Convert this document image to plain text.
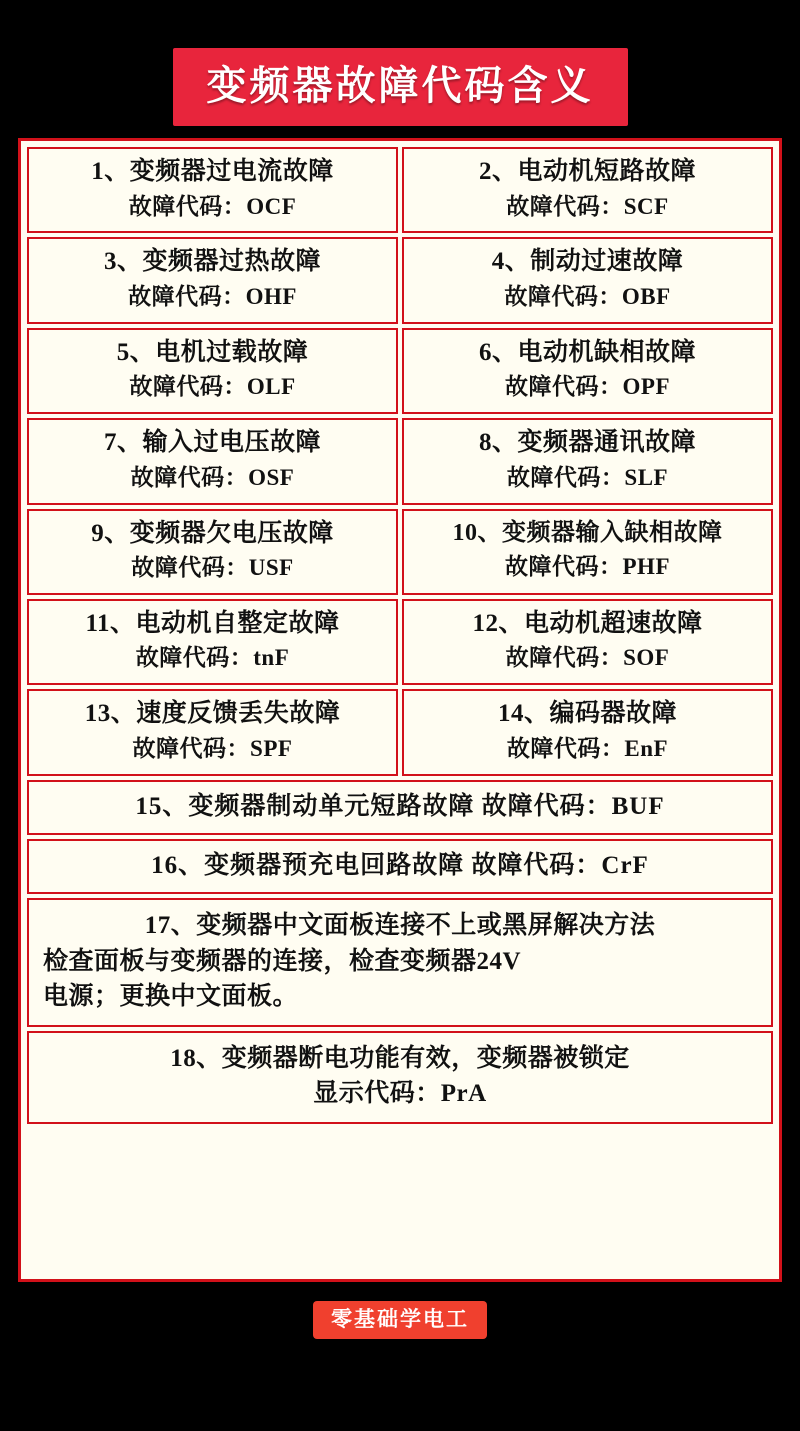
变频器故障代码含义
1、变频器过电流故障
故障代码：OCF
2、电动机短路故障
故障代码：SCF
3、变频器过热故障
故障代码：OHF
4、制动过速故障
故障代码：OBF
5、电机过载故障
故障代码：OLF
6、电动机缺相故障
故障代码：OPF
7、输入过电压故障
故障代码：OSF
8、变频器通讯故障
故障代码：SLF
9、变频器欠电压故障
故障代码：USF
10、变频器输入缺相故障
故障代码：PHF
11、电动机自整定故障
故障代码：tnF
12、电动机超速故障
故障代码：SOF
13、速度反馈丢失故障
故障代码：SPF
14、编码器故障
故障代码：EnF
15、变频器制动单元短路故障 故障代码：BUF
16、变频器预充电回路故障 故障代码：CrF
17、变频器中文面板连接不上或黑屏解决方法
检查面板与变频器的连接，检查变频器24V
电源；更换中文面板。
18、变频器断电功能有效，变频器被锁定
显示代码：PrA
零基础学电工
